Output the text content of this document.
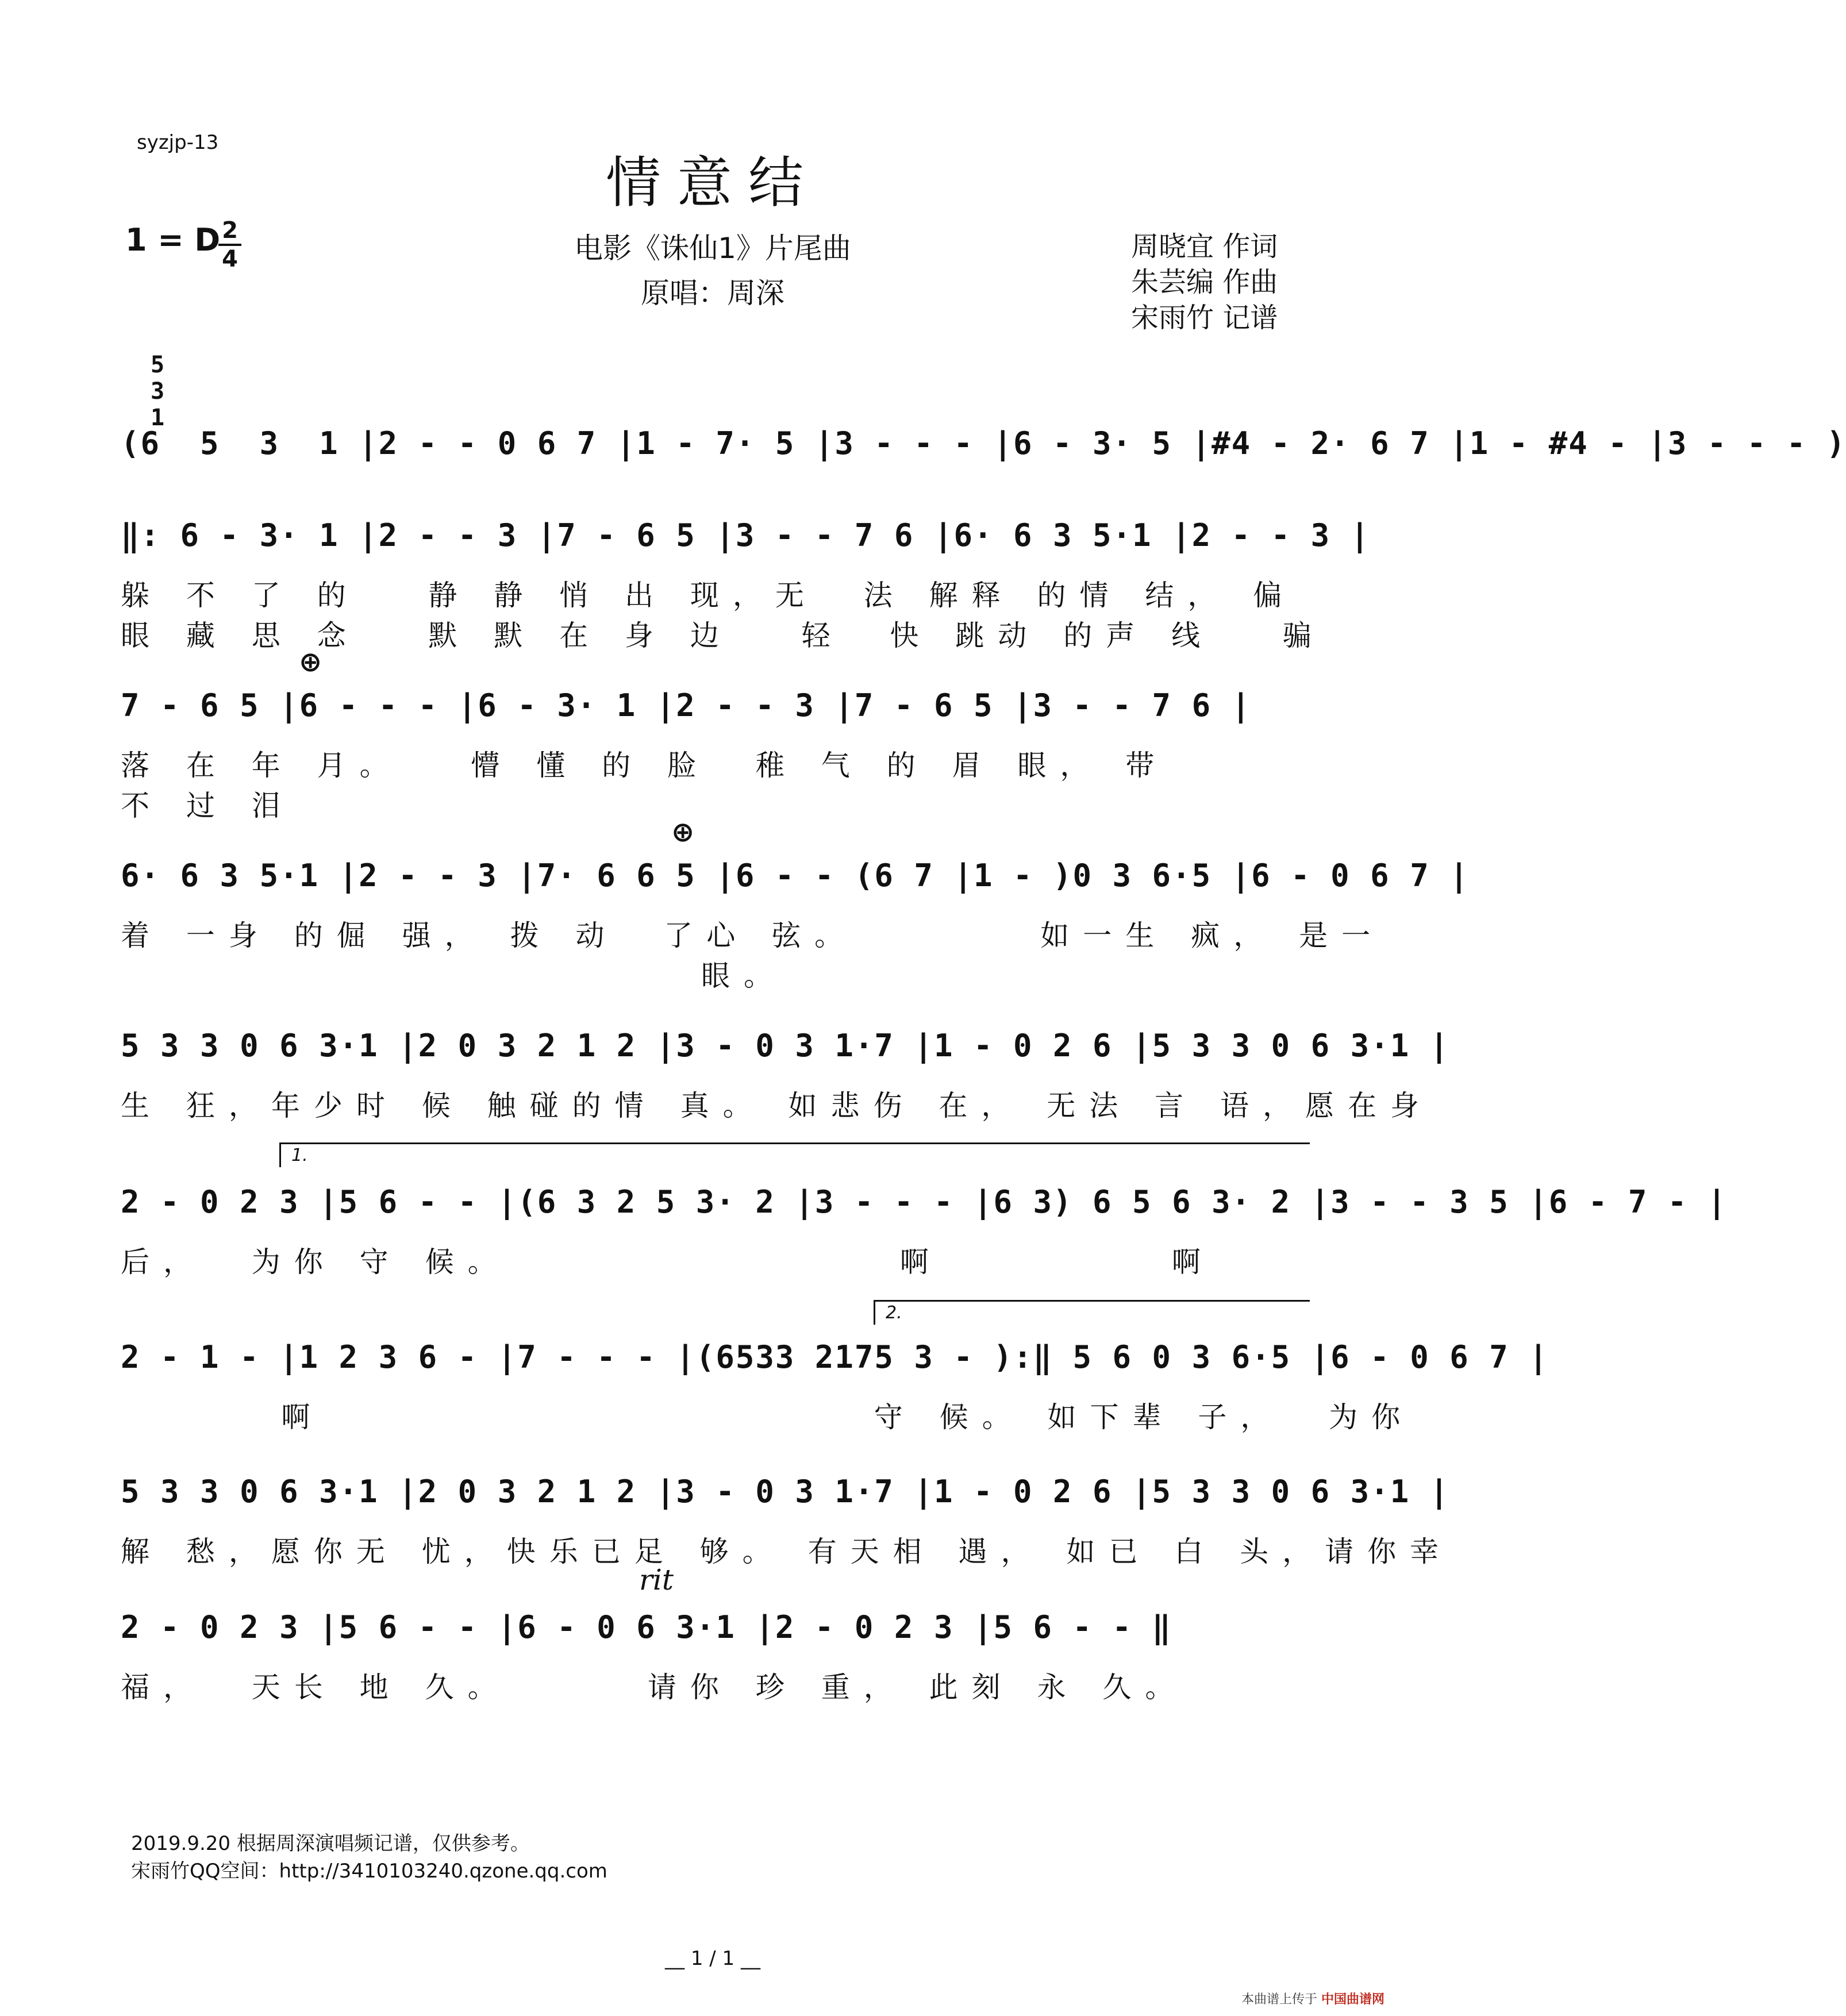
syzjp-13
情意结
1 = D 2
4	电影《诛仙1》片尾曲
原唱：周深
周晓宜 作词
朱芸编 作曲
宋雨竹 记谱
5
3
1
(6  5  3  1 |2 - - 0 6 7 |1 - 7· 5 |3 - - - |6 - 3· 5 |#4 - 2· 6 7 |1 - #4 - |3 - - - )
‖: 6 - 3· 1 |2 - - 3 |7 - 6 5 |3 - - 7 6 |6· 6 3 5·1 |2 - - 3 |
躲 不 了 的   静 静 悄 出 现，无  法 解释 的情 结， 偏
眼 藏 思 念   默 默 在 身 边   轻  快 跳动 的声 线   骗
⊕
7 - 6 5 |6 - - - |6 - 3· 1 |2 - - 3 |7 - 6 5 |3 - - 7 6 |
落 在 年 月。   懵 懂 的 脸  稚 气 的 眉 眼， 带
不 过 泪
⊕
6· 6 3 5·1 |2 - - 3 |7· 6 6 5 |6 - - (6 7 |1 - )0 3 6·5 |6 - 0 6 7 |
着 一身 的倔 强， 拨 动  了心 弦。        如一生 疯， 是一
眼。
5 3 3 0 6 3·1 |2 0 3 2 1 2 |3 - 0 3 1·7 |1 - 0 2 6 |5 3 3 0 6 3·1 |
生 狂，年少时 候 触碰的情 真。 如悲伤 在， 无法 言 语，愿在身
1.
2 - 0 2 3 |5 6 - - |(6 3 2 5 3· 2 |3 - - - |6 3) 6 5 6 3· 2 |3 - - 3 5 |6 - 7 - |
后，  为你 守 候。                 啊          啊
2.
2 - 1 - |1 2 3 6 - |7 - - - |(6533 2175 3 - ):‖ 5 6 0 3 6·5 |6 - 0 6 7 |
啊                        守 候。 如下辈 子，  为你
5 3 3 0 6 3·1 |2 0 3 2 1 2 |3 - 0 3 1·7 |1 - 0 2 6 |5 3 3 0 6 3·1 |
解 愁，愿你无 忧，快乐已足 够。 有天相 遇， 如已 白 头，请你幸
rit
2 - 0 2 3 |5 6 - - |6 - 0 6 3·1 |2 - 0 2 3 |5 6 - - ‖
福，  天长 地 久。      请你 珍 重， 此刻 永 久。
2019.9.20 根据周深演唱频记谱，仅供参考。
宋雨竹QQ空间：http://3410103240.qzone.qq.com
__ 1 / 1 __
本曲谱上传于 中国曲谱网
